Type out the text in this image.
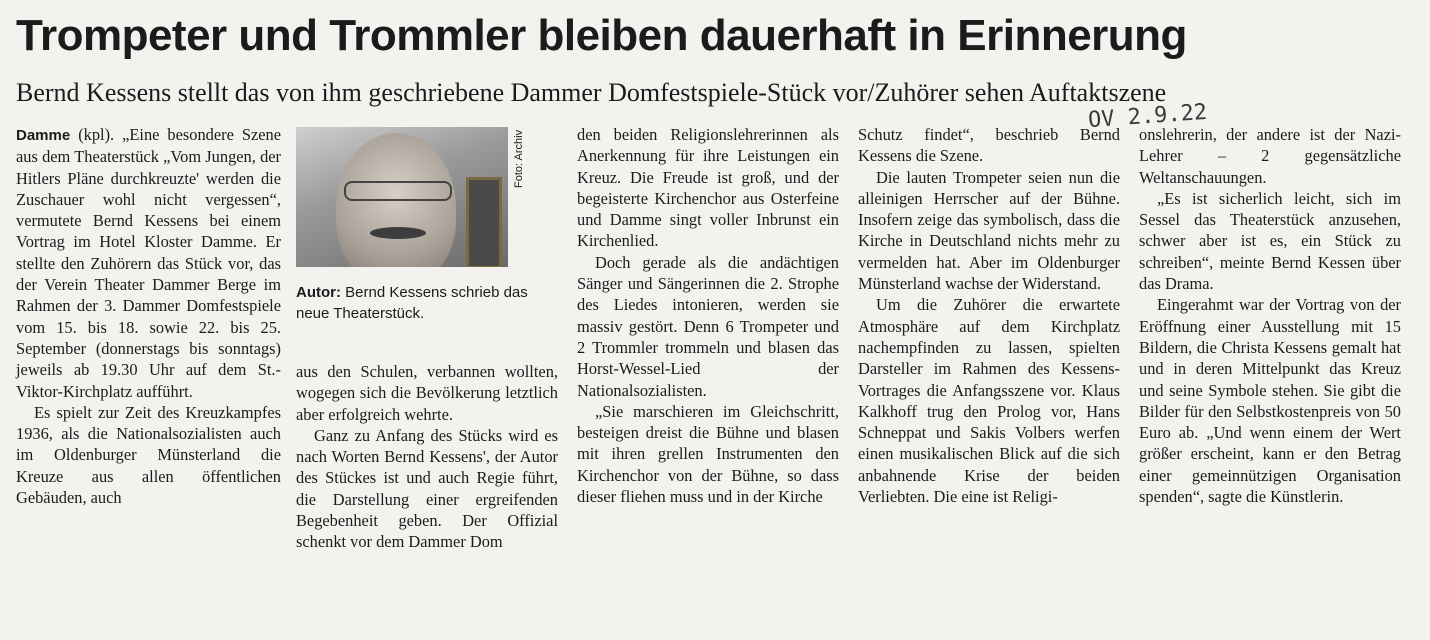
Trompeter und Trommler bleiben dauerhaft in Erinnerung
Bernd Kessens stellt das von ihm geschriebene Dammer Domfestspiele-Stück vor/Zuhörer sehen Auftaktszene
OV 2.9.22

Damme (kpl). „Eine besondere Szene aus dem Theaterstück „Vom Jungen, der Hitlers Pläne durchkreuzte' werden die Zuschauer wohl nicht vergessen“, vermutete Bernd Kessens bei einem Vortrag im Hotel Kloster Damme. Er stellte den Zuhörern das Stück vor, das der Verein Theater Dammer Berge im Rahmen der 3. Dammer Domfestspiele vom 15. bis 18. sowie 22. bis 25. September (donnerstags bis sonntags) jeweils ab 19.30 Uhr auf dem St.-Viktor-Kirchplatz aufführt.

Es spielt zur Zeit des Kreuzkampfes 1936, als die Nationalsozialisten auch im Oldenburger Münsterland die Kreuze aus allen öffentlichen Gebäuden, auch

Foto: Archiv
Autor: Bernd Kessens schrieb das neue Theaterstück.

aus den Schulen, verbannen wollten, wogegen sich die Bevölkerung letztlich aber erfolgreich wehrte.

Ganz zu Anfang des Stücks wird es nach Worten Bernd Kessens', der Autor des Stückes ist und auch Regie führt, die Darstellung einer ergreifenden Begebenheit geben. Der Offizial schenkt vor dem Dammer Dom

den beiden Religionslehrerinnen als Anerkennung für ihre Leistungen ein Kreuz. Die Freude ist groß, und der begeisterte Kirchenchor aus Osterfeine und Damme singt voller Inbrunst ein Kirchenlied.

Doch gerade als die andächtigen Sänger und Sängerinnen die 2. Strophe des Liedes intonieren, werden sie massiv gestört. Denn 6 Trompeter und 2 Trommler trommeln und blasen das Horst-Wessel-Lied der Nationalsozialisten.

„Sie marschieren im Gleichschritt, besteigen dreist die Bühne und blasen mit ihren grellen Instrumenten den Kirchenchor von der Bühne, so dass dieser fliehen muss und in der Kirche

Schutz findet“, beschrieb Bernd Kessens die Szene.

Die lauten Trompeter seien nun die alleinigen Herrscher auf der Bühne. Insofern zeige das symbolisch, dass die Kirche in Deutschland nichts mehr zu vermelden hat. Aber im Oldenburger Münsterland wachse der Widerstand.

Um die Zuhörer die erwartete Atmosphäre auf dem Kirchplatz nachempfinden zu lassen, spielten Darsteller im Rahmen des Kessens-Vortrages die Anfangsszene vor. Klaus Kalkhoff trug den Prolog vor, Hans Schneppat und Sakis Volbers werfen einen musikalischen Blick auf die sich anbahnende Krise der beiden Verliebten. Die eine ist Religi-

onslehrerin, der andere ist der Nazi-Lehrer – 2 gegensätzliche Weltanschauungen.

„Es ist sicherlich leicht, sich im Sessel das Theaterstück anzusehen, schwer aber ist es, ein Stück zu schreiben“, meinte Bernd Kessen über das Drama.

Eingerahmt war der Vortrag von der Eröffnung einer Ausstellung mit 15 Bildern, die Christa Kessens gemalt hat und in deren Mittelpunkt das Kreuz und seine Symbole stehen. Sie gibt die Bilder für den Selbstkostenpreis von 50 Euro ab. „Und wenn einem der Wert größer erscheint, kann er den Betrag einer gemeinnützigen Organisation spenden“, sagte die Künstlerin.
